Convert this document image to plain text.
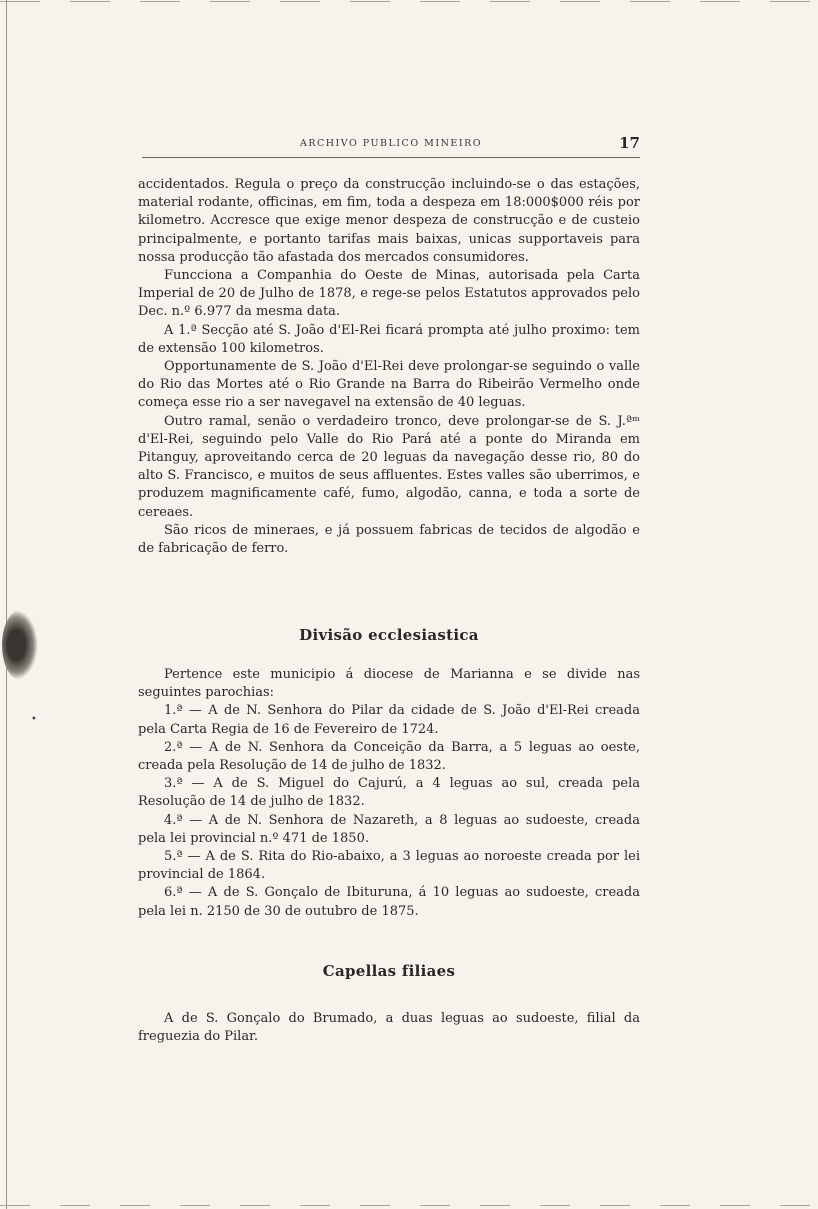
•
ARCHIVO PUBLICO MINEIRO	17

accidentados. Regula o preço da construcção incluindo-se o das estações, material rodante, officinas, em fim, toda a despeza em 18:000$000 réis por kilometro. Accresce que exige menor despeza de construcção e de custeio principalmente, e portanto tarifas mais baixas, unicas supportaveis para nossa producção tão afastada dos mercados consumidores.

Funcciona a Companhia do Oeste de Minas, autorisada pela Carta Imperial de 20 de Julho de 1878, e rege-se pelos Estatutos approvados pelo Dec. n.º 6.977 da mesma data.

A 1.ª Secção até S. João d'El-Rei ficará prompta até julho proximo: tem de extensão 100 kilometros.

Opportunamente de S. João d'El-Rei deve prolongar-se seguindo o valle do Rio das Mortes até o Rio Grande na Barra do Ribeirão Vermelho onde começa esse rio a ser navegavel na extensão de 40 leguas.

Outro ramal, senão o verdadeiro tronco, deve prolongar-se de S. J.ªᵐ d'El-Rei, seguindo pelo Valle do Rio Pará até a ponte do Miranda em Pitanguy, aproveitando cerca de 20 leguas da navegação desse rio, 80 do alto S. Francisco, e muitos de seus affluentes. Estes valles são uberrimos, e produzem magnificamente café, fumo, algodão, canna, e toda a sorte de cereaes.

São ricos de mineraes, e já possuem fabricas de tecidos de algodão e de fabricação de ferro.

Divisão ecclesiastica

Pertence este municipio á diocese de Marianna e se divide nas seguintes parochias:

1.ª — A de N. Senhora do Pilar da cidade de S. João d'El-Rei creada pela Carta Regia de 16 de Fevereiro de 1724.

2.ª — A de N. Senhora da Conceição da Barra, a 5 leguas ao oeste, creada pela Resolução de 14 de julho de 1832.

3.ª — A de S. Miguel do Cajurú, a 4 leguas ao sul, creada pela Resolução de 14 de julho de 1832.

4.ª — A de N. Senhora de Nazareth, a 8 leguas ao sudoeste, creada pela lei provincial n.º 471 de 1850.

5.ª — A de S. Rita do Rio-abaixo, a 3 leguas ao noroeste creada por lei provincial de 1864.

6.ª — A de S. Gonçalo de Ibituruna, á 10 leguas ao sudoeste, creada pela lei n. 2150 de 30 de outubro de 1875.

Capellas filiaes

A de S. Gonçalo do Brumado, a duas leguas ao sudoeste, filial da freguezia do Pilar.
